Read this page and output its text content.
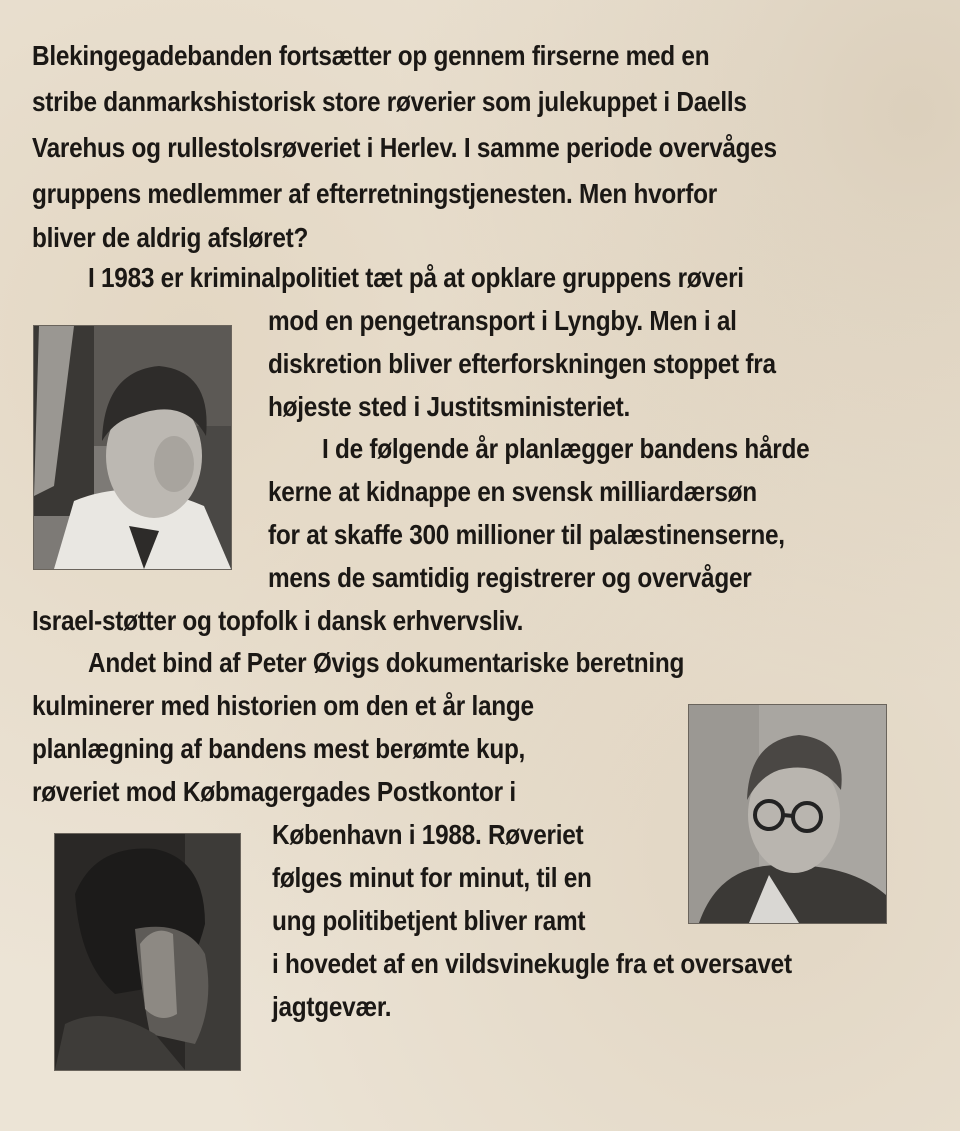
Blekingegadebanden fortsætter op gennem firserne med en
stribe danmarkshistorisk store røverier som julekuppet i Daells
Varehus og rullestolsrøveriet i Herlev. I samme periode overvåges
gruppens medlemmer af efterretningstjenesten. Men hvorfor
bliver de aldrig afsløret?
I 1983 er kriminalpolitiet tæt på at opklare gruppens røveri
mod en pengetransport i Lyngby. Men i al
diskretion bliver efterforskningen stoppet fra
højeste sted i Justitsministeriet.
I de følgende år planlægger bandens hårde
kerne at kidnappe en svensk milliardærsøn
for at skaffe 300 millioner til palæstinenserne,
mens de samtidig registrerer og overvåger
Israel-støtter og topfolk i dansk erhvervsliv.
Andet bind af Peter Øvigs dokumentariske beretning
kulminerer med historien om den et år lange
planlægning af bandens mest berømte kup,
røveriet mod Købmagergades Postkontor i
København i 1988. Røveriet
følges minut for minut, til en
ung politibetjent bliver ramt
i hovedet af en vildsvinekugle fra et oversavet
jagtgevær.
